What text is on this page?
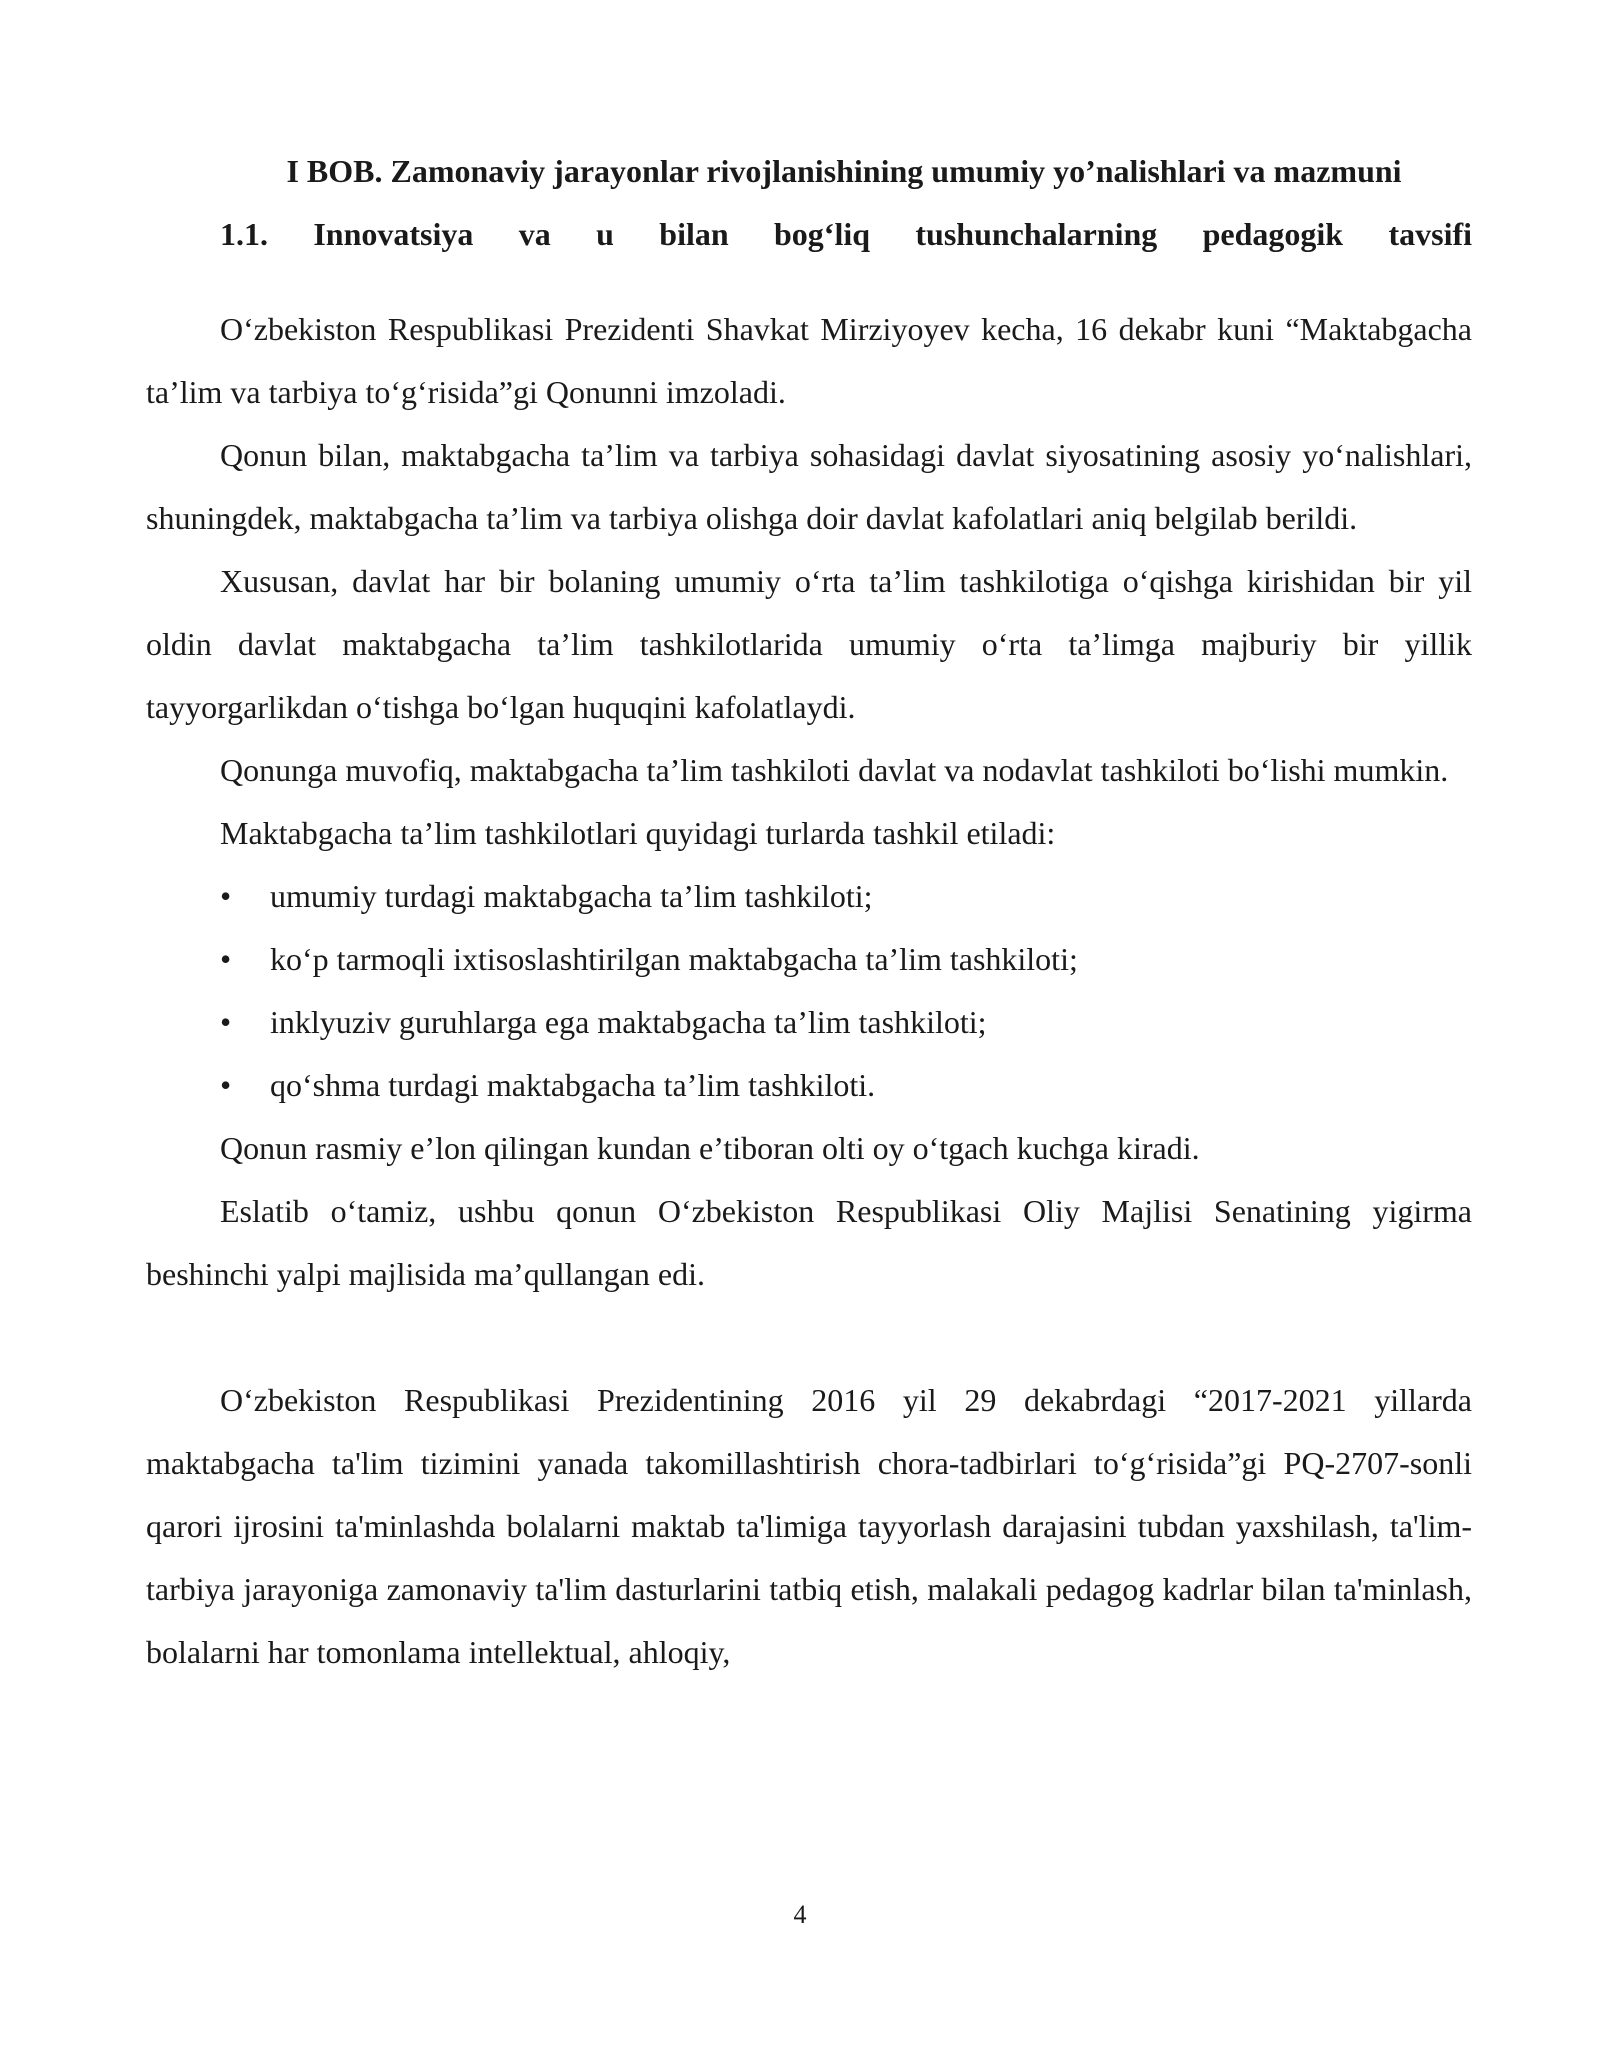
I BOB. Zamonaviy jarayonlar rivojlanishining umumiy yo’nalishlari va mazmuni
1.1. Innovatsiya va u bilan bog‘liq tushunchalarning pedagogik tavsifi

O‘zbekiston Respublikasi Prezidenti Shavkat Mirziyoyev kecha, 16 dekabr kuni “Maktabgacha ta’lim va tarbiya to‘g‘risida”gi Qonunni imzoladi.

Qonun bilan, maktabgacha ta’lim va tarbiya sohasidagi davlat siyosatining asosiy yo‘nalishlari, shuningdek, maktabgacha ta’lim va tarbiya olishga doir davlat kafolatlari aniq belgilab berildi.

Xususan, davlat har bir bolaning umumiy o‘rta ta’lim tashkilotiga o‘qishga kirishidan bir yil oldin davlat maktabgacha ta’lim tashkilotlarida umumiy o‘rta ta’limga majburiy bir yillik tayyorgarlikdan o‘tishga bo‘lgan huquqini kafolatlaydi.

Qonunga muvofiq, maktabgacha ta’lim tashkiloti davlat va nodavlat tashkiloti bo‘lishi mumkin.

Maktabgacha ta’lim tashkilotlari quyidagi turlarda tashkil etiladi:

• umumiy turdagi maktabgacha ta’lim tashkiloti;
• ko‘p tarmoqli ixtisoslashtirilgan maktabgacha ta’lim tashkiloti;
• inklyuziv guruhlarga ega maktabgacha ta’lim tashkiloti;
• qo‘shma turdagi maktabgacha ta’lim tashkiloti.

Qonun rasmiy e’lon qilingan kundan e’tiboran olti oy o‘tgach kuchga kiradi.

Eslatib o‘tamiz, ushbu qonun O‘zbekiston Respublikasi Oliy Majlisi Senatining yigirma beshinchi yalpi majlisida ma’qullangan edi.

O‘zbekiston Respublikasi Prezidentining 2016 yil 29 dekabrdagi “2017-2021 yillarda maktabgacha ta'lim tizimini yanada takomillashtirish chora-tadbirlari to‘g‘risida”gi PQ-2707-sonli qarori ijrosini ta'minlashda bolalarni maktab ta'limiga tayyorlash darajasini tubdan yaxshilash, ta'lim-tarbiya jarayoniga zamonaviy ta'lim dasturlarini tatbiq etish, malakali pedagog kadrlar bilan ta'minlash, bolalarni har tomonlama intellektual, ahloqiy,

4
